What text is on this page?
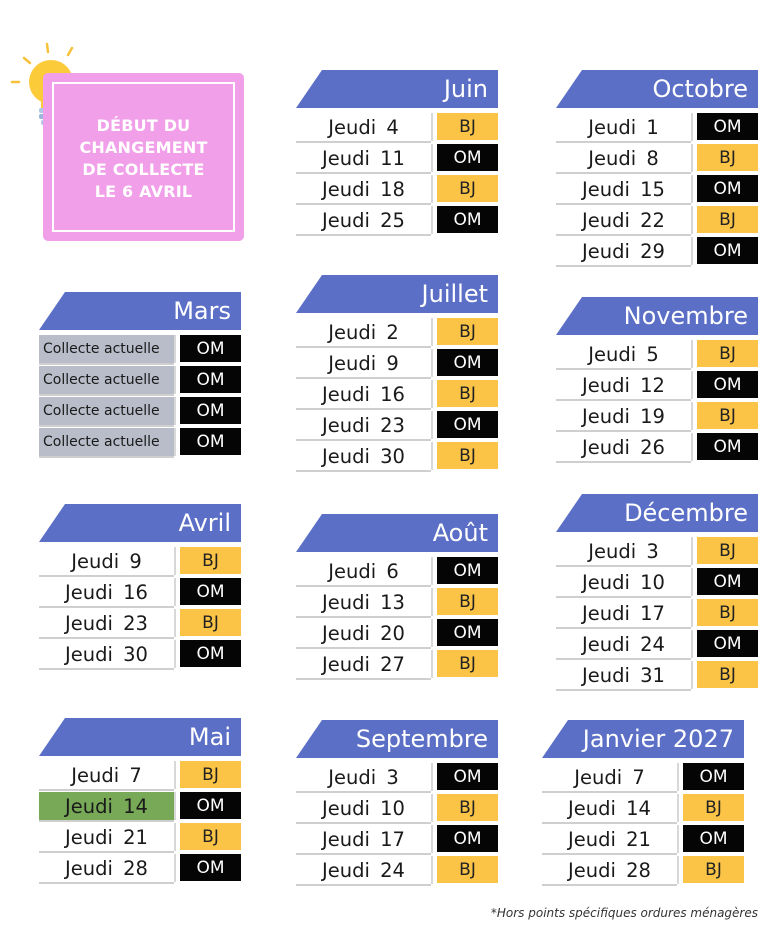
DÉBUT DU
CHANGEMENT
DE COLLECTE
LE 6 AVRIL
Mars
Collecte actuelle	OM
Collecte actuelle	OM
Collecte actuelle	OM
Collecte actuelle	OM
Avril
Jeudi 9	BJ
Jeudi 16	OM
Jeudi 23	BJ
Jeudi 30	OM
Mai
Jeudi 7	BJ
Jeudi 14	OM
Jeudi 21	BJ
Jeudi 28	OM
Juin
Jeudi 4	BJ
Jeudi 11	OM
Jeudi 18	BJ
Jeudi 25	OM
Juillet
Jeudi 2	BJ
Jeudi 9	OM
Jeudi 16	BJ
Jeudi 23	OM
Jeudi 30	BJ
Août
Jeudi 6	OM
Jeudi 13	BJ
Jeudi 20	OM
Jeudi 27	BJ
Septembre
Jeudi 3	OM
Jeudi 10	BJ
Jeudi 17	OM
Jeudi 24	BJ
Octobre
Jeudi 1	OM
Jeudi 8	BJ
Jeudi 15	OM
Jeudi 22	BJ
Jeudi 29	OM
Novembre
Jeudi 5	BJ
Jeudi 12	OM
Jeudi 19	BJ
Jeudi 26	OM
Décembre
Jeudi 3	BJ
Jeudi 10	OM
Jeudi 17	BJ
Jeudi 24	OM
Jeudi 31	BJ
Janvier 2027
Jeudi 7	OM
Jeudi 14	BJ
Jeudi 21	OM
Jeudi 28	BJ
*Hors points spécifiques ordures ménagères
